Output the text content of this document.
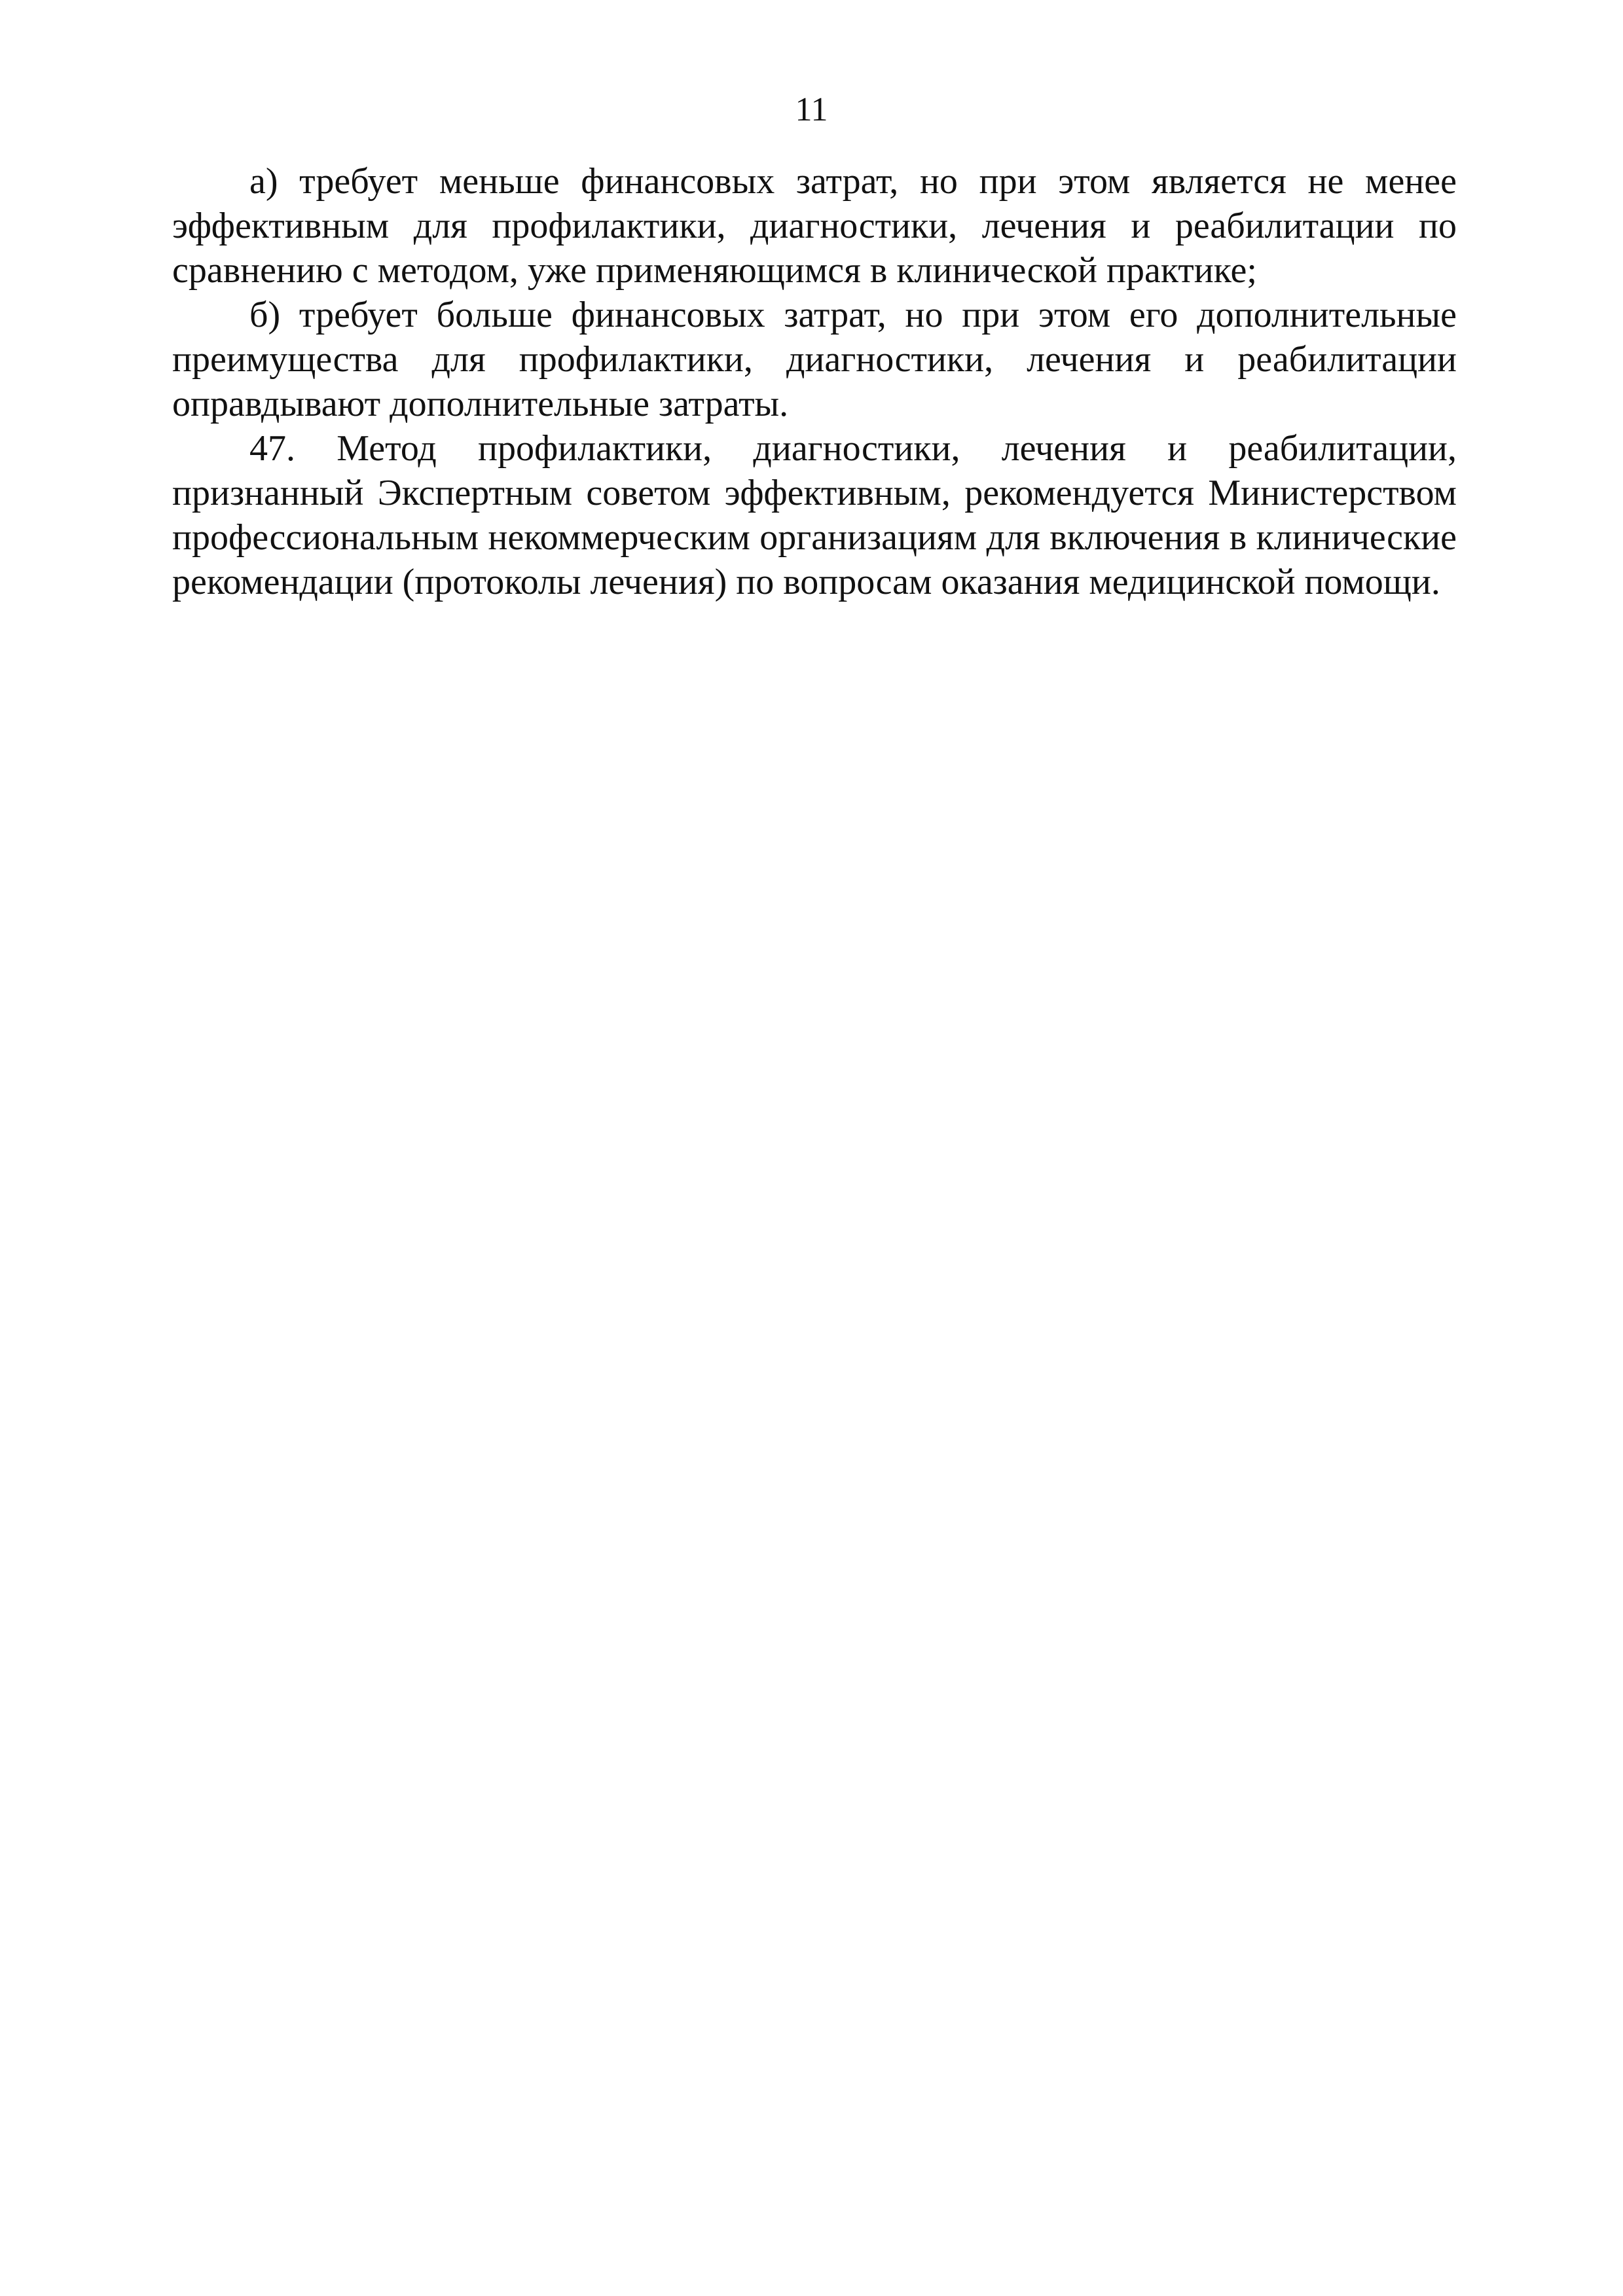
11

а) требует меньше финансовых затрат, но при этом является не менее эффективным для профилактики, диагностики, лечения и реабилитации по сравнению с методом, уже применяющимся в клинической практике;

б) требует больше финансовых затрат, но при этом его дополнительные преимущества для профилактики, диагностики, лечения и реабилитации оправдывают дополнительные затраты.

47. Метод профилактики, диагностики, лечения и реабилитации, признанный Экспертным советом эффективным, рекомендуется Министерством профессиональным некоммерческим организациям для включения в клинические рекомендации (протоколы лечения) по вопросам оказания медицинской помощи.
